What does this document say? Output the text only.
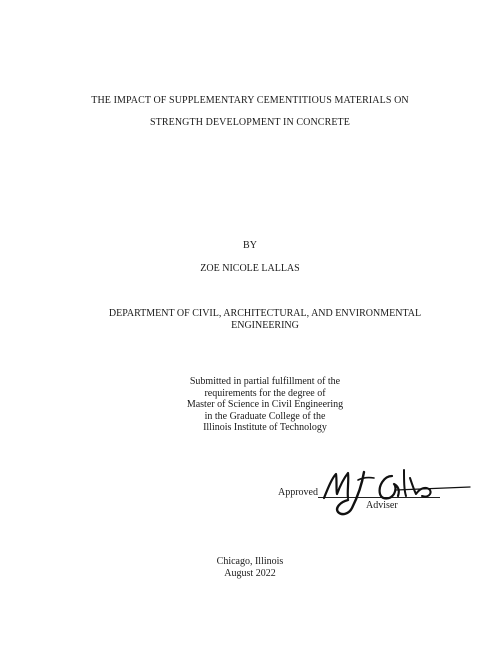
THE IMPACT OF SUPPLEMENTARY CEMENTITIOUS MATERIALS ON
STRENGTH DEVELOPMENT IN CONCRETE
BY
ZOE NICOLE LALLAS
DEPARTMENT OF CIVIL, ARCHITECTURAL, AND ENVIRONMENTAL
ENGINEERING
Submitted in partial fulfillment of the
requirements for the degree of
Master of Science in Civil Engineering
in the Graduate College of the
Illinois Institute of Technology
Approved
Adviser
Chicago, Illinois
August 2022
